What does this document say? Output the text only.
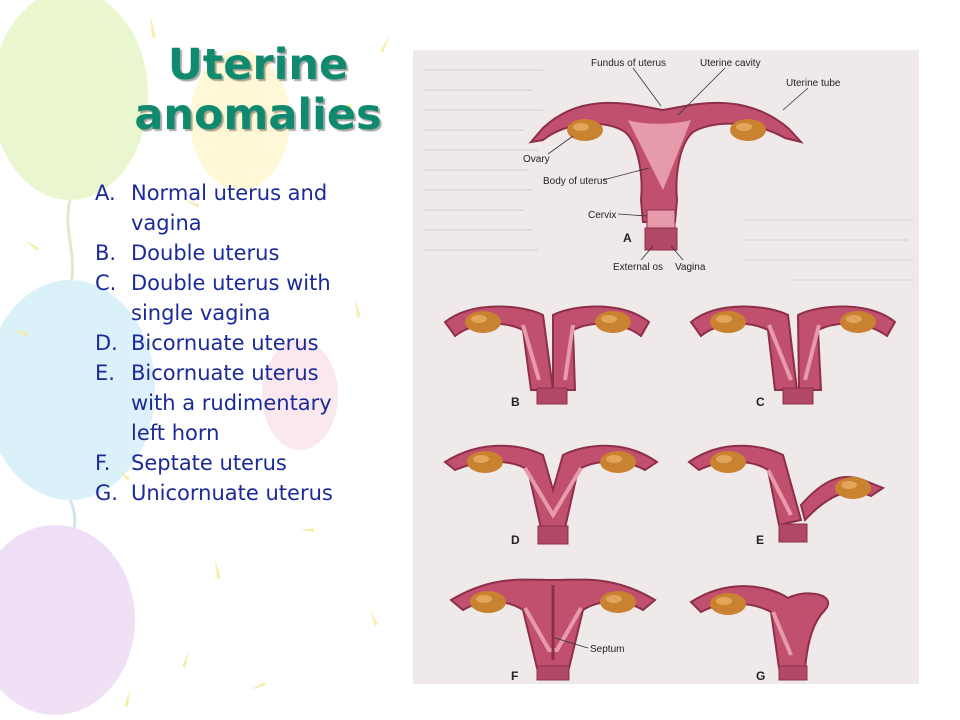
Uterine
anomalies
A. Normal uterus and vagina
B. Double uterus
C. Double uterus with single vagina
D. Bicornuate uterus
E. Bicornuate uterus with a rudimentary left horn
F. Septate uterus
G. Unicornuate uterus
Fundus of uterus	Uterine cavity
Uterine tube
Ovary
Body of uterus
Cervix
External os Vagina
A
B	C
D	E
Septum
F	G
